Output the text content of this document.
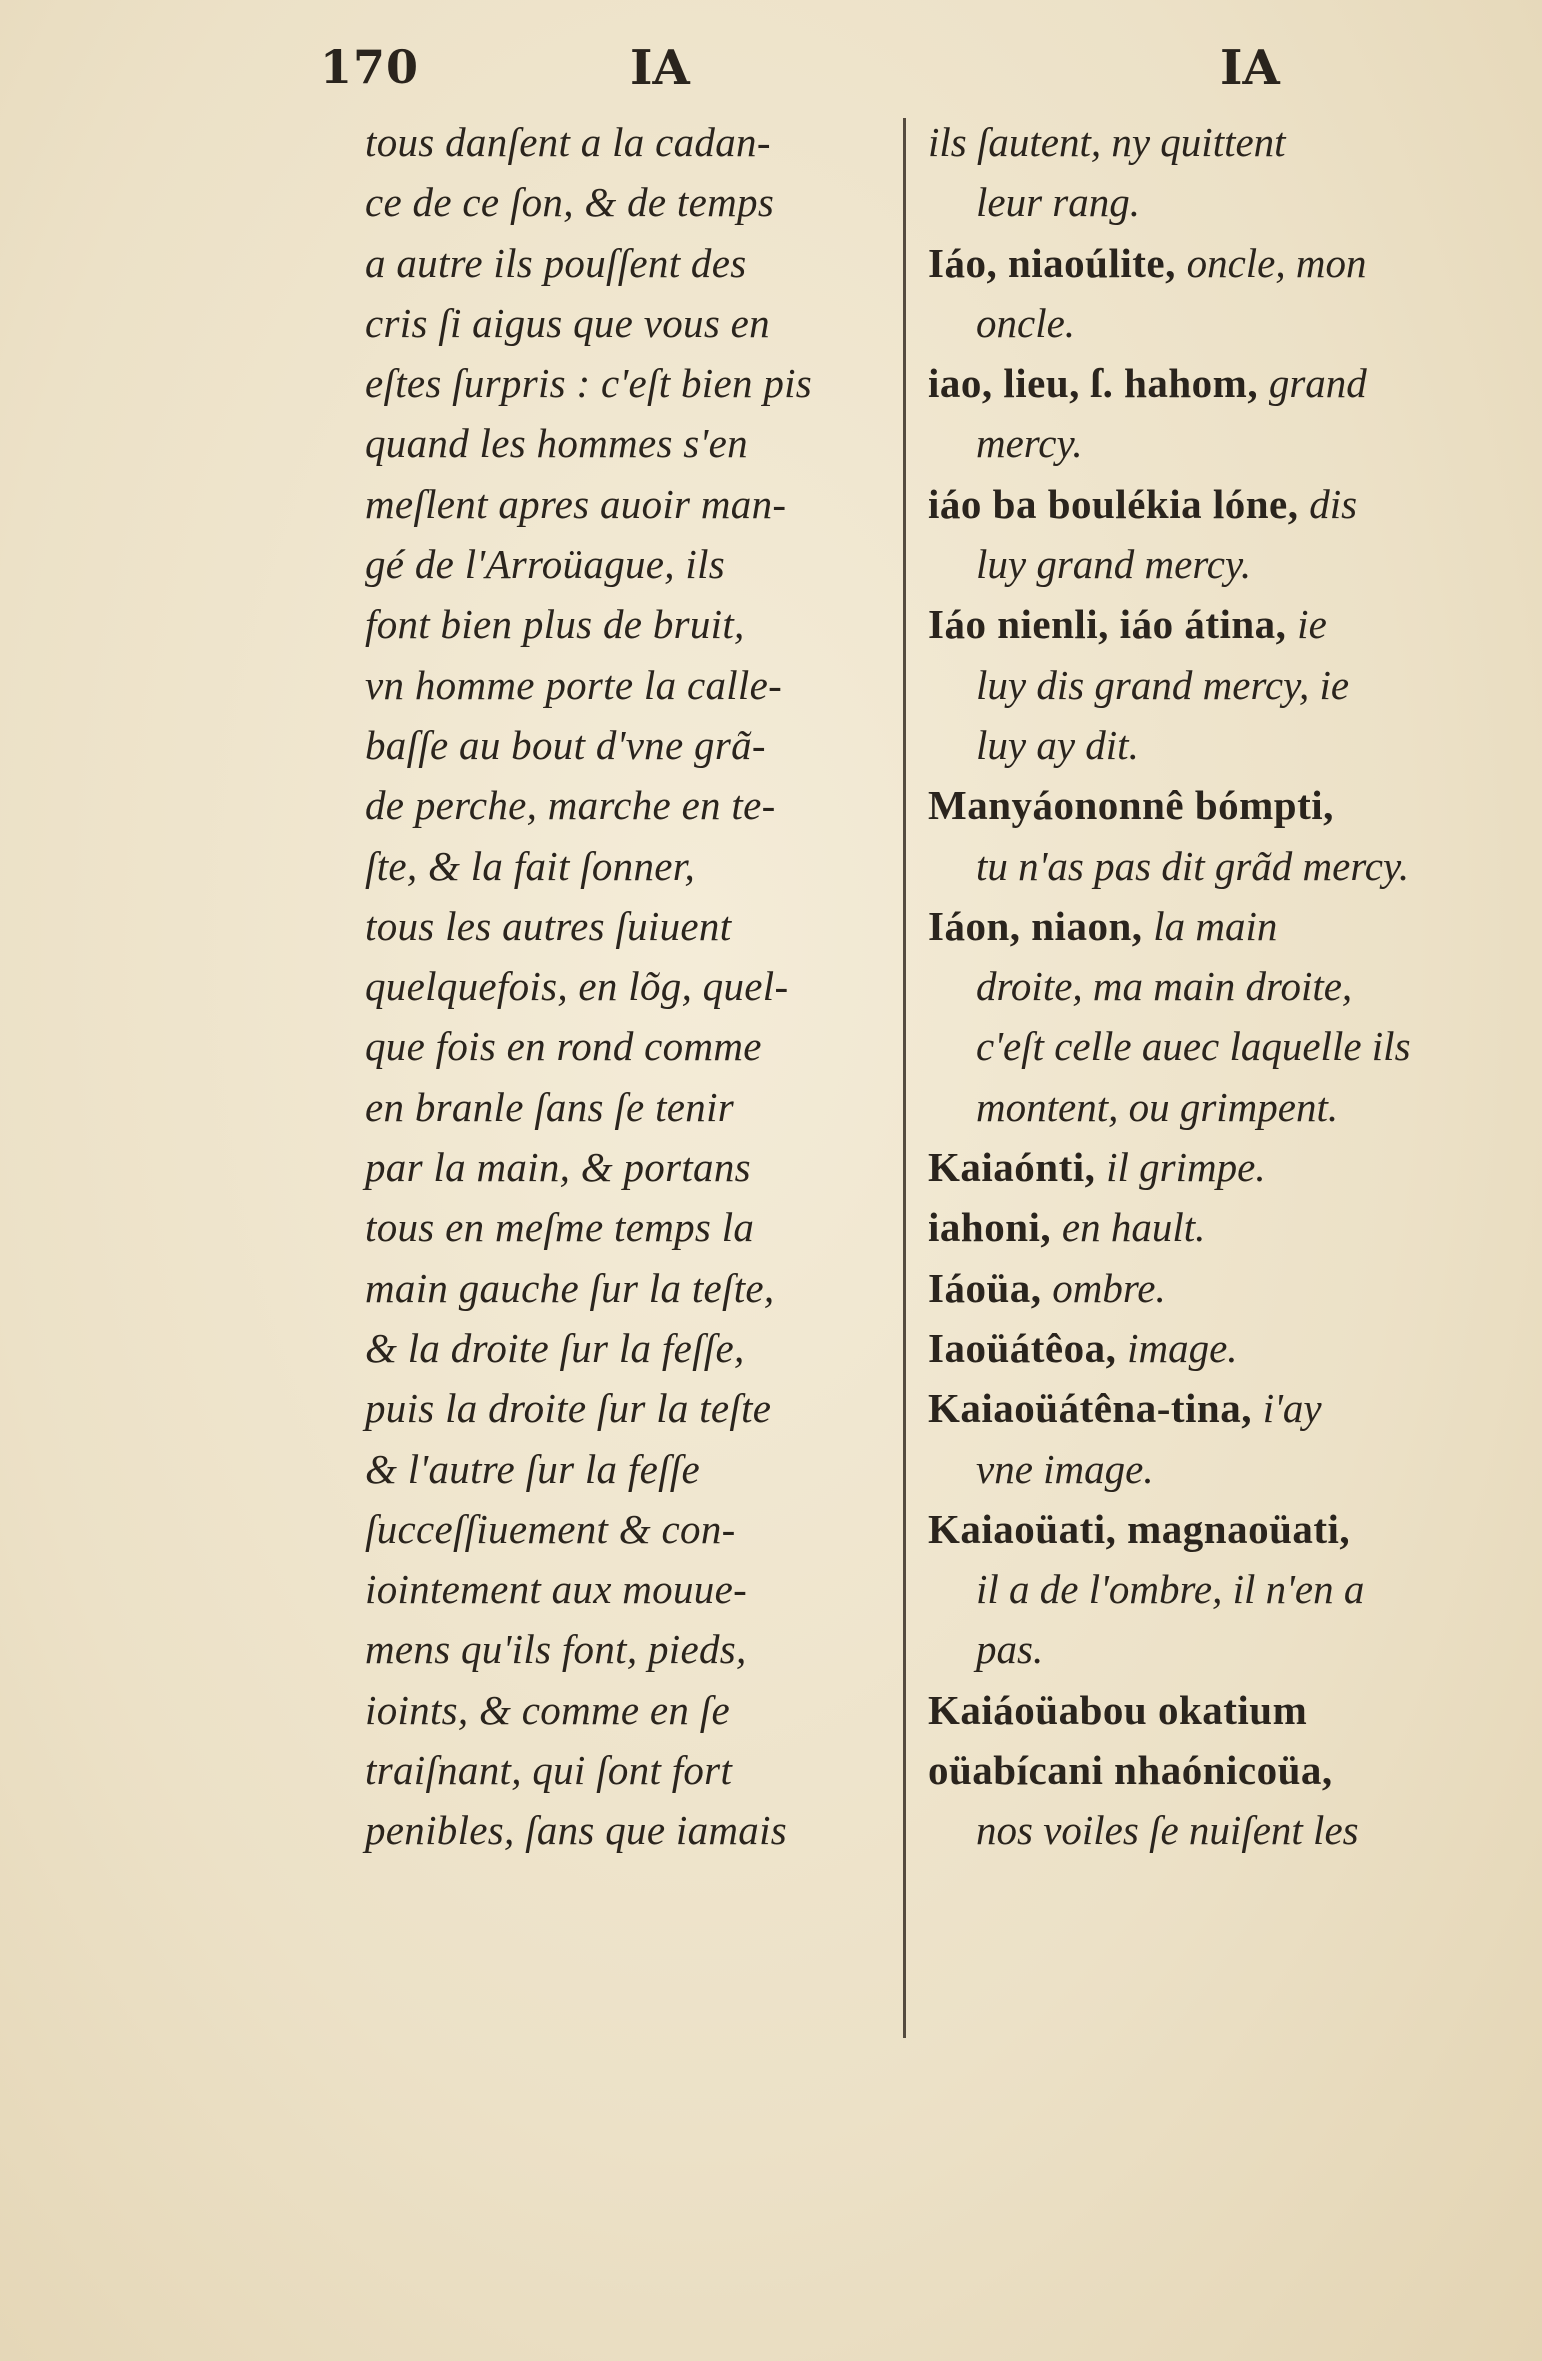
170	IA	IA
tous danſent a la cadan-
ce de ce ſon, & de temps
a autre ils pouſſent des
cris ſi aigus que vous en
eſtes ſurpris : c'eſt bien pis
quand les hommes s'en
meſlent apres auoir man-
gé de l'Arroüague, ils
font bien plus de bruit,
vn homme porte la calle-
baſſe au bout d'vne grã-
de perche, marche en te-
ſte, & la fait ſonner,
tous les autres ſuiuent
quelquefois, en lõg, quel-
que fois en rond comme
en branle ſans ſe tenir
par la main, & portans
tous en meſme temps la
main gauche ſur la teſte,
& la droite ſur la feſſe,
puis la droite ſur la teſte
& l'autre ſur la feſſe
ſucceſſiuement & con-
iointement aux mouue-
mens qu'ils font, pieds,
ioints, & comme en ſe
traiſnant, qui ſont fort
penibles, ſans que iamais
ils ſautent, ny quittent
leur rang.
Iáo, niaoúlite, oncle, mon
oncle.
iao, lieu, ſ. hahom, grand
mercy.
iáo ba boulékia lóne, dis
luy grand mercy.
Iáo nienli, iáo átina, ie
luy dis grand mercy, ie
luy ay dit.
Manyáononnê bómpti,
tu n'as pas dit grãd mercy.
Iáon, niaon, la main
droite, ma main droite,
c'eſt celle auec laquelle ils
montent, ou grimpent.
Kaiaónti, il grimpe.
iahoni, en hault.
Iáoüa, ombre.
Iaoüátêoa, image.
Kaiaoüátêna-tina, i'ay
vne image.
Kaiaoüati, magnaoüati,
il a de l'ombre, il n'en a
pas.
Kaiáoüabou okatium
oüabícani nhaónicoüa,
nos voiles ſe nuiſent les
